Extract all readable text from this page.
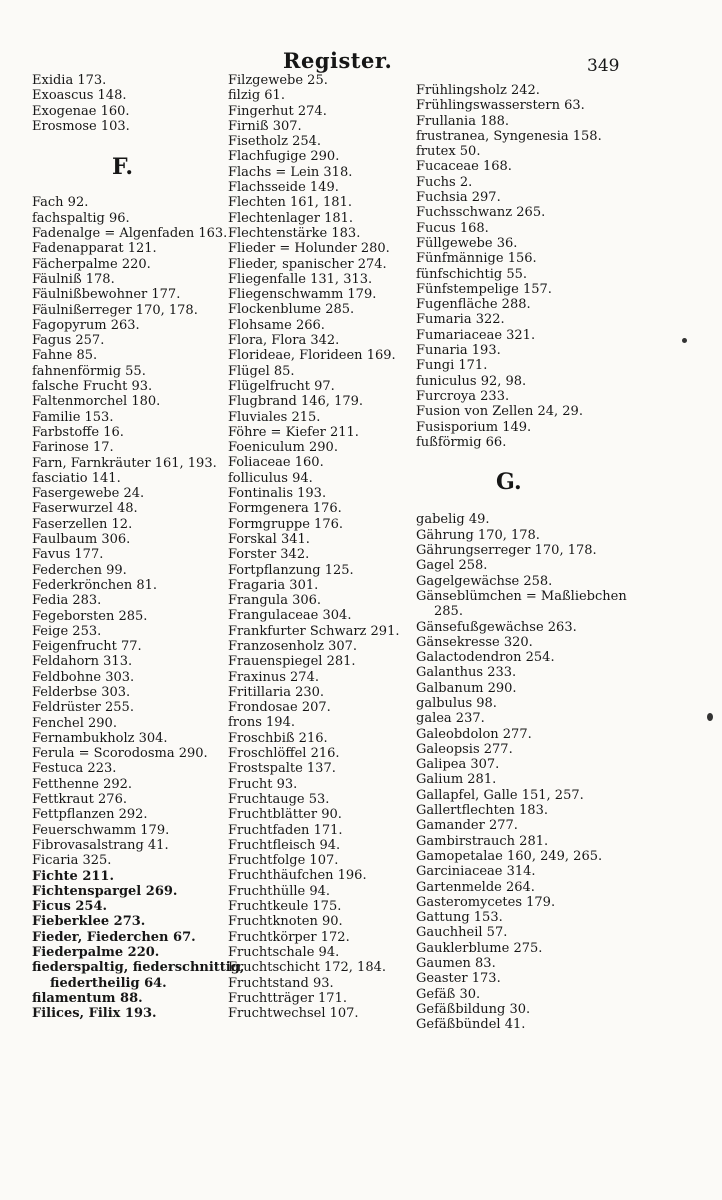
Register.	349
Exidia 173.
Exoascus 148.
Exogenae 160.
Erosmose 103.
F.
Fach 92.
fachspaltig 96.
Fadenalge = Algenfaden 163.
Fadenapparat 121.
Fächerpalme 220.
Fäulniß 178.
Fäulnißbewohner 177.
Fäulnißerreger 170, 178.
Fagopyrum 263.
Fagus 257.
Fahne 85.
fahnenförmig 55.
falsche Frucht 93.
Faltenmorchel 180.
Familie 153.
Farbstoffe 16.
Farinose 17.
Farn, Farnkräuter 161, 193.
fasciatio 141.
Fasergewebe 24.
Faserwurzel 48.
Faserzellen 12.
Faulbaum 306.
Favus 177.
Federchen 99.
Federkrönchen 81.
Fedia 283.
Fegeborsten 285.
Feige 253.
Feigenfrucht 77.
Feldahorn 313.
Feldbohne 303.
Felderbse 303.
Feldrüster 255.
Fenchel 290.
Fernambukholz 304.
Ferula = Scorodosma 290.
Festuca 223.
Fetthenne 292.
Fettkraut 276.
Fettpflanzen 292.
Feuerschwamm 179.
Fibrovasalstrang 41.
Ficaria 325.
Fichte 211.
Fichtenspargel 269.
Ficus 254.
Fieberklee 273.
Fieder, Fiederchen 67.
Fiederpalme 220.
fiederspaltig, fiederschnittig,
fiedertheilig 64.
filamentum 88.
Filices, Filix 193.
Filzgewebe 25.
filzig 61.
Fingerhut 274.
Firniß 307.
Fisetholz 254.
Flachfugige 290.
Flachs = Lein 318.
Flachsseide 149.
Flechten 161, 181.
Flechtenlager 181.
Flechtenstärke 183.
Flieder = Holunder 280.
Flieder, spanischer 274.
Fliegenfalle 131, 313.
Fliegenschwamm 179.
Flockenblume 285.
Flohsame 266.
Flora, Flora 342.
Florideae, Florideen 169.
Flügel 85.
Flügelfrucht 97.
Flugbrand 146, 179.
Fluviales 215.
Föhre = Kiefer 211.
Foeniculum 290.
Foliaceae 160.
folliculus 94.
Fontinalis 193.
Formgenera 176.
Formgruppe 176.
Forskal 341.
Forster 342.
Fortpflanzung 125.
Fragaria 301.
Frangula 306.
Frangulaceae 304.
Frankfurter Schwarz 291.
Franzosenholz 307.
Frauenspiegel 281.
Fraxinus 274.
Fritillaria 230.
Frondosae 207.
frons 194.
Froschbiß 216.
Froschlöffel 216.
Frostspalte 137.
Frucht 93.
Fruchtauge 53.
Fruchtblätter 90.
Fruchtfaden 171.
Fruchtfleisch 94.
Fruchtfolge 107.
Fruchthäufchen 196.
Fruchthülle 94.
Fruchtkeule 175.
Fruchtknoten 90.
Fruchtkörper 172.
Fruchtschale 94.
Fruchtschicht 172, 184.
Fruchtstand 93.
Fruchtträger 171.
Fruchtwechsel 107.
Frühlingsholz 242.
Frühlingswasserstern 63.
Frullania 188.
frustranea, Syngenesia 158.
frutex 50.
Fucaceae 168.
Fuchs 2.
Fuchsia 297.
Fuchsschwanz 265.
Fucus 168.
Füllgewebe 36.
Fünfmännige 156.
fünfschichtig 55.
Fünfstempelige 157.
Fugenfläche 288.
Fumaria 322.
Fumariaceae 321.
Funaria 193.
Fungi 171.
funiculus 92, 98.
Furcroya 233.
Fusion von Zellen 24, 29.
Fusisporium 149.
fußförmig 66.
G.
gabelig 49.
Gährung 170, 178.
Gährungserreger 170, 178.
Gagel 258.
Gagelgewächse 258.
Gänseblümchen = Maßliebchen
285.
Gänsefußgewächse 263.
Gänsekresse 320.
Galactodendron 254.
Galanthus 233.
Galbanum 290.
galbulus 98.
galea 237.
Galeobdolon 277.
Galeopsis 277.
Galipea 307.
Galium 281.
Gallapfel, Galle 151, 257.
Gallertflechten 183.
Gamander 277.
Gambirstrauch 281.
Gamopetalae 160, 249, 265.
Garciniaceae 314.
Gartenmelde 264.
Gasteromycetes 179.
Gattung 153.
Gauchheil 57.
Gauklerblume 275.
Gaumen 83.
Geaster 173.
Gefäß 30.
Gefäßbildung 30.
Gefäßbündel 41.
